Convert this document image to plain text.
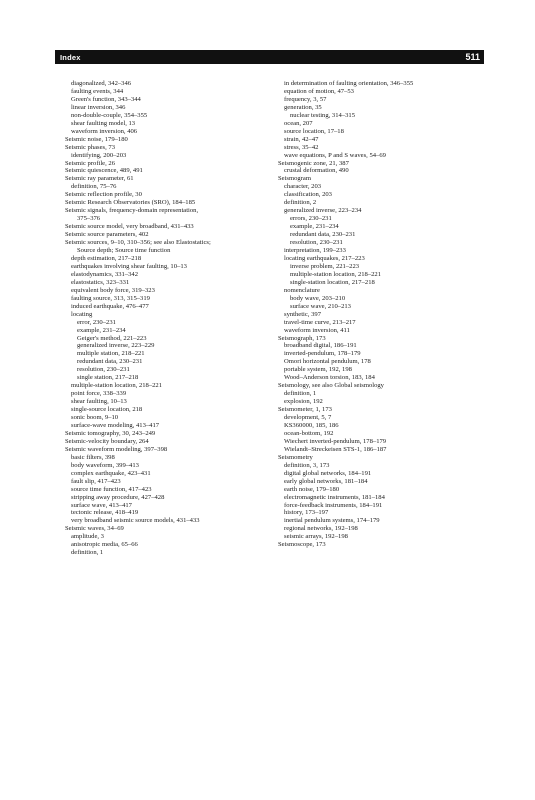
Index	511
diagonalized, 342–346
faulting events, 344
Green's function, 343–344
linear inversion, 346
non-double-couple, 354–355
shear faulting model, 13
waveform inversion, 406
Seismic noise, 179–180
Seismic phases, 73
identifying, 200–203
Seismic profile, 26
Seismic quiescence, 489, 491
Seismic ray parameter, 61
definition, 75–76
Seismic reflection profile, 30
Seismic Research Observatories (SRO), 184–185
Seismic signals, frequency-domain representation,
375–376
Seismic source model, very broadband, 431–433
Seismic source parameters, 402
Seismic sources, 9–10, 310–356; see also Elastostatics;
Source depth; Source time function
depth estimation, 217–218
earthquakes involving shear faulting, 10–13
elastodynamics, 331–342
elastostatics, 323–331
equivalent body force, 319–323
faulting source, 313, 315–319
induced earthquake, 476–477
locating
error, 230–231
example, 231–234
Geiger's method, 221–223
generalized inverse, 223–229
multiple station, 218–221
redundant data, 230–231
resolution, 230–231
single station, 217–218
multiple-station location, 218–221
point force, 338–339
shear faulting, 10–13
single-source location, 218
sonic boom, 9–10
surface-wave modeling, 413–417
Seismic tomography, 30, 243–249
Seismic-velocity boundary, 264
Seismic waveform modeling, 397–398
basic filters, 398
body waveform, 399–413
complex earthquake, 423–431
fault slip, 417–423
source time function, 417–423
stripping away procedure, 427–428
surface wave, 413–417
tectonic release, 418–419
very broadband seismic source models, 431–433
Seismic waves, 34–69
amplitude, 3
anisotropic media, 65–66
definition, 1
in determination of faulting orientation, 346–355
equation of motion, 47–53
frequency, 3, 57
generation, 35
nuclear testing, 314–315
ocean, 207
source location, 17–18
strain, 42–47
stress, 35–42
wave equations, P and S waves, 54–69
Seismogenic zone, 21, 387
crustal deformation, 490
Seismogram
character, 203
classification, 203
definition, 2
generalized inverse, 223–234
errors, 230–231
example, 231–234
redundant data, 230–231
resolution, 230–231
interpretation, 199–233
locating earthquakes, 217–223
inverse problem, 221–223
multiple-station location, 218–221
single-station location, 217–218
nomenclature
body wave, 203–210
surface wave, 210–213
synthetic, 397
travel-time curve, 213–217
waveform inversion, 411
Seismograph, 173
broadband digital, 186–191
inverted-pendulum, 178–179
Omori horizontal pendulum, 178
portable system, 192, 198
Wood–Anderson torsion, 183, 184
Seismology, see also Global seismology
definition, 1
explosion, 192
Seismometer, 1, 173
development, 5, 7
KS360000, 185, 186
ocean-bottom, 192
Wiechert inverted-pendulum, 178–179
Wielandt–Streckeisen STS-1, 186–187
Seismometry
definition, 3, 173
digital global networks, 184–191
early global networks, 181–184
earth noise, 179–180
electromagnetic instruments, 181–184
force-feedback instruments, 184–191
history, 173–197
inertial pendulum systems, 174–179
regional networks, 192–198
seismic arrays, 192–198
Seismoscope, 173
